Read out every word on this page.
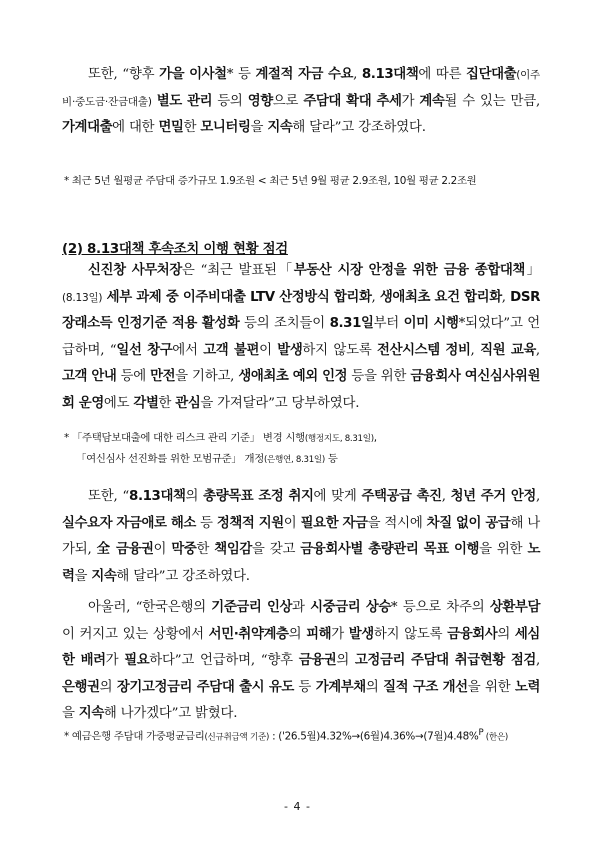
또한, “향후 가을 이사철* 등 계절적 자금 수요, 8.13대책에 따른 집단대출(이주비·중도금·잔금대출) 별도 관리 등의 영향으로 주담대 확대 추세가 계속될 수 있는 만큼, 가계대출에 대한 면밀한 모니터링을 지속해 달라”고 강조하였다.

* 최근 5년 월평균 주담대 증가규모 1.9조원 < 최근 5년 9월 평균 2.9조원, 10월 평균 2.2조원
(2) 8.13대책 후속조치 이행 현황 점검

신진창 사무처장은 “최근 발표된「부동산 시장 안정을 위한 금융 종합대책」(8.13일) 세부 과제 중 이주비대출 LTV 산정방식 합리화, 생애최초 요건 합리화, DSR 장래소득 인정기준 적용 활성화 등의 조치들이 8.31일부터 이미 시행*되었다”고 언급하며, “일선 창구에서 고객 불편이 발생하지 않도록 전산시스템 정비, 직원 교육, 고객 안내 등에 만전을 기하고, 생애최초 예외 인정 등을 위한 금융회사 여신심사위원회 운영에도 각별한 관심을 가져달라”고 당부하였다.

* 「주택담보대출에 대한 리스크 관리 기준」 변경 시행(행정지도, 8.31일),
「여신심사 선진화를 위한 모범규준」 개정(은행연, 8.31일) 등

또한, “8.13대책의 총량목표 조정 취지에 맞게 주택공급 촉진, 청년 주거 안정, 실수요자 자금애로 해소 등 정책적 지원이 필요한 자금을 적시에 차질 없이 공급해 나가되, 全 금융권이 막중한 책임감을 갖고 금융회사별 총량관리 목표 이행을 위한 노력을 지속해 달라”고 강조하였다.

아울러, “한국은행의 기준금리 인상과 시중금리 상승* 등으로 차주의 상환부담이 커지고 있는 상황에서 서민·취약계층의 피해가 발생하지 않도록 금융회사의 세심한 배려가 필요하다”고 언급하며, “향후 금융권의 고정금리 주담대 취급현황 점검, 은행권의 장기고정금리 주담대 출시 유도 등 가계부채의 질적 구조 개선을 위한 노력을 지속해 나가겠다”고 밝혔다.

* 예금은행 주담대 가중평균금리(신규취급액 기준) : ('26.5월)4.32%→(6월)4.36%→(7월)4.48%$^P$ (한은)
- 4 -
